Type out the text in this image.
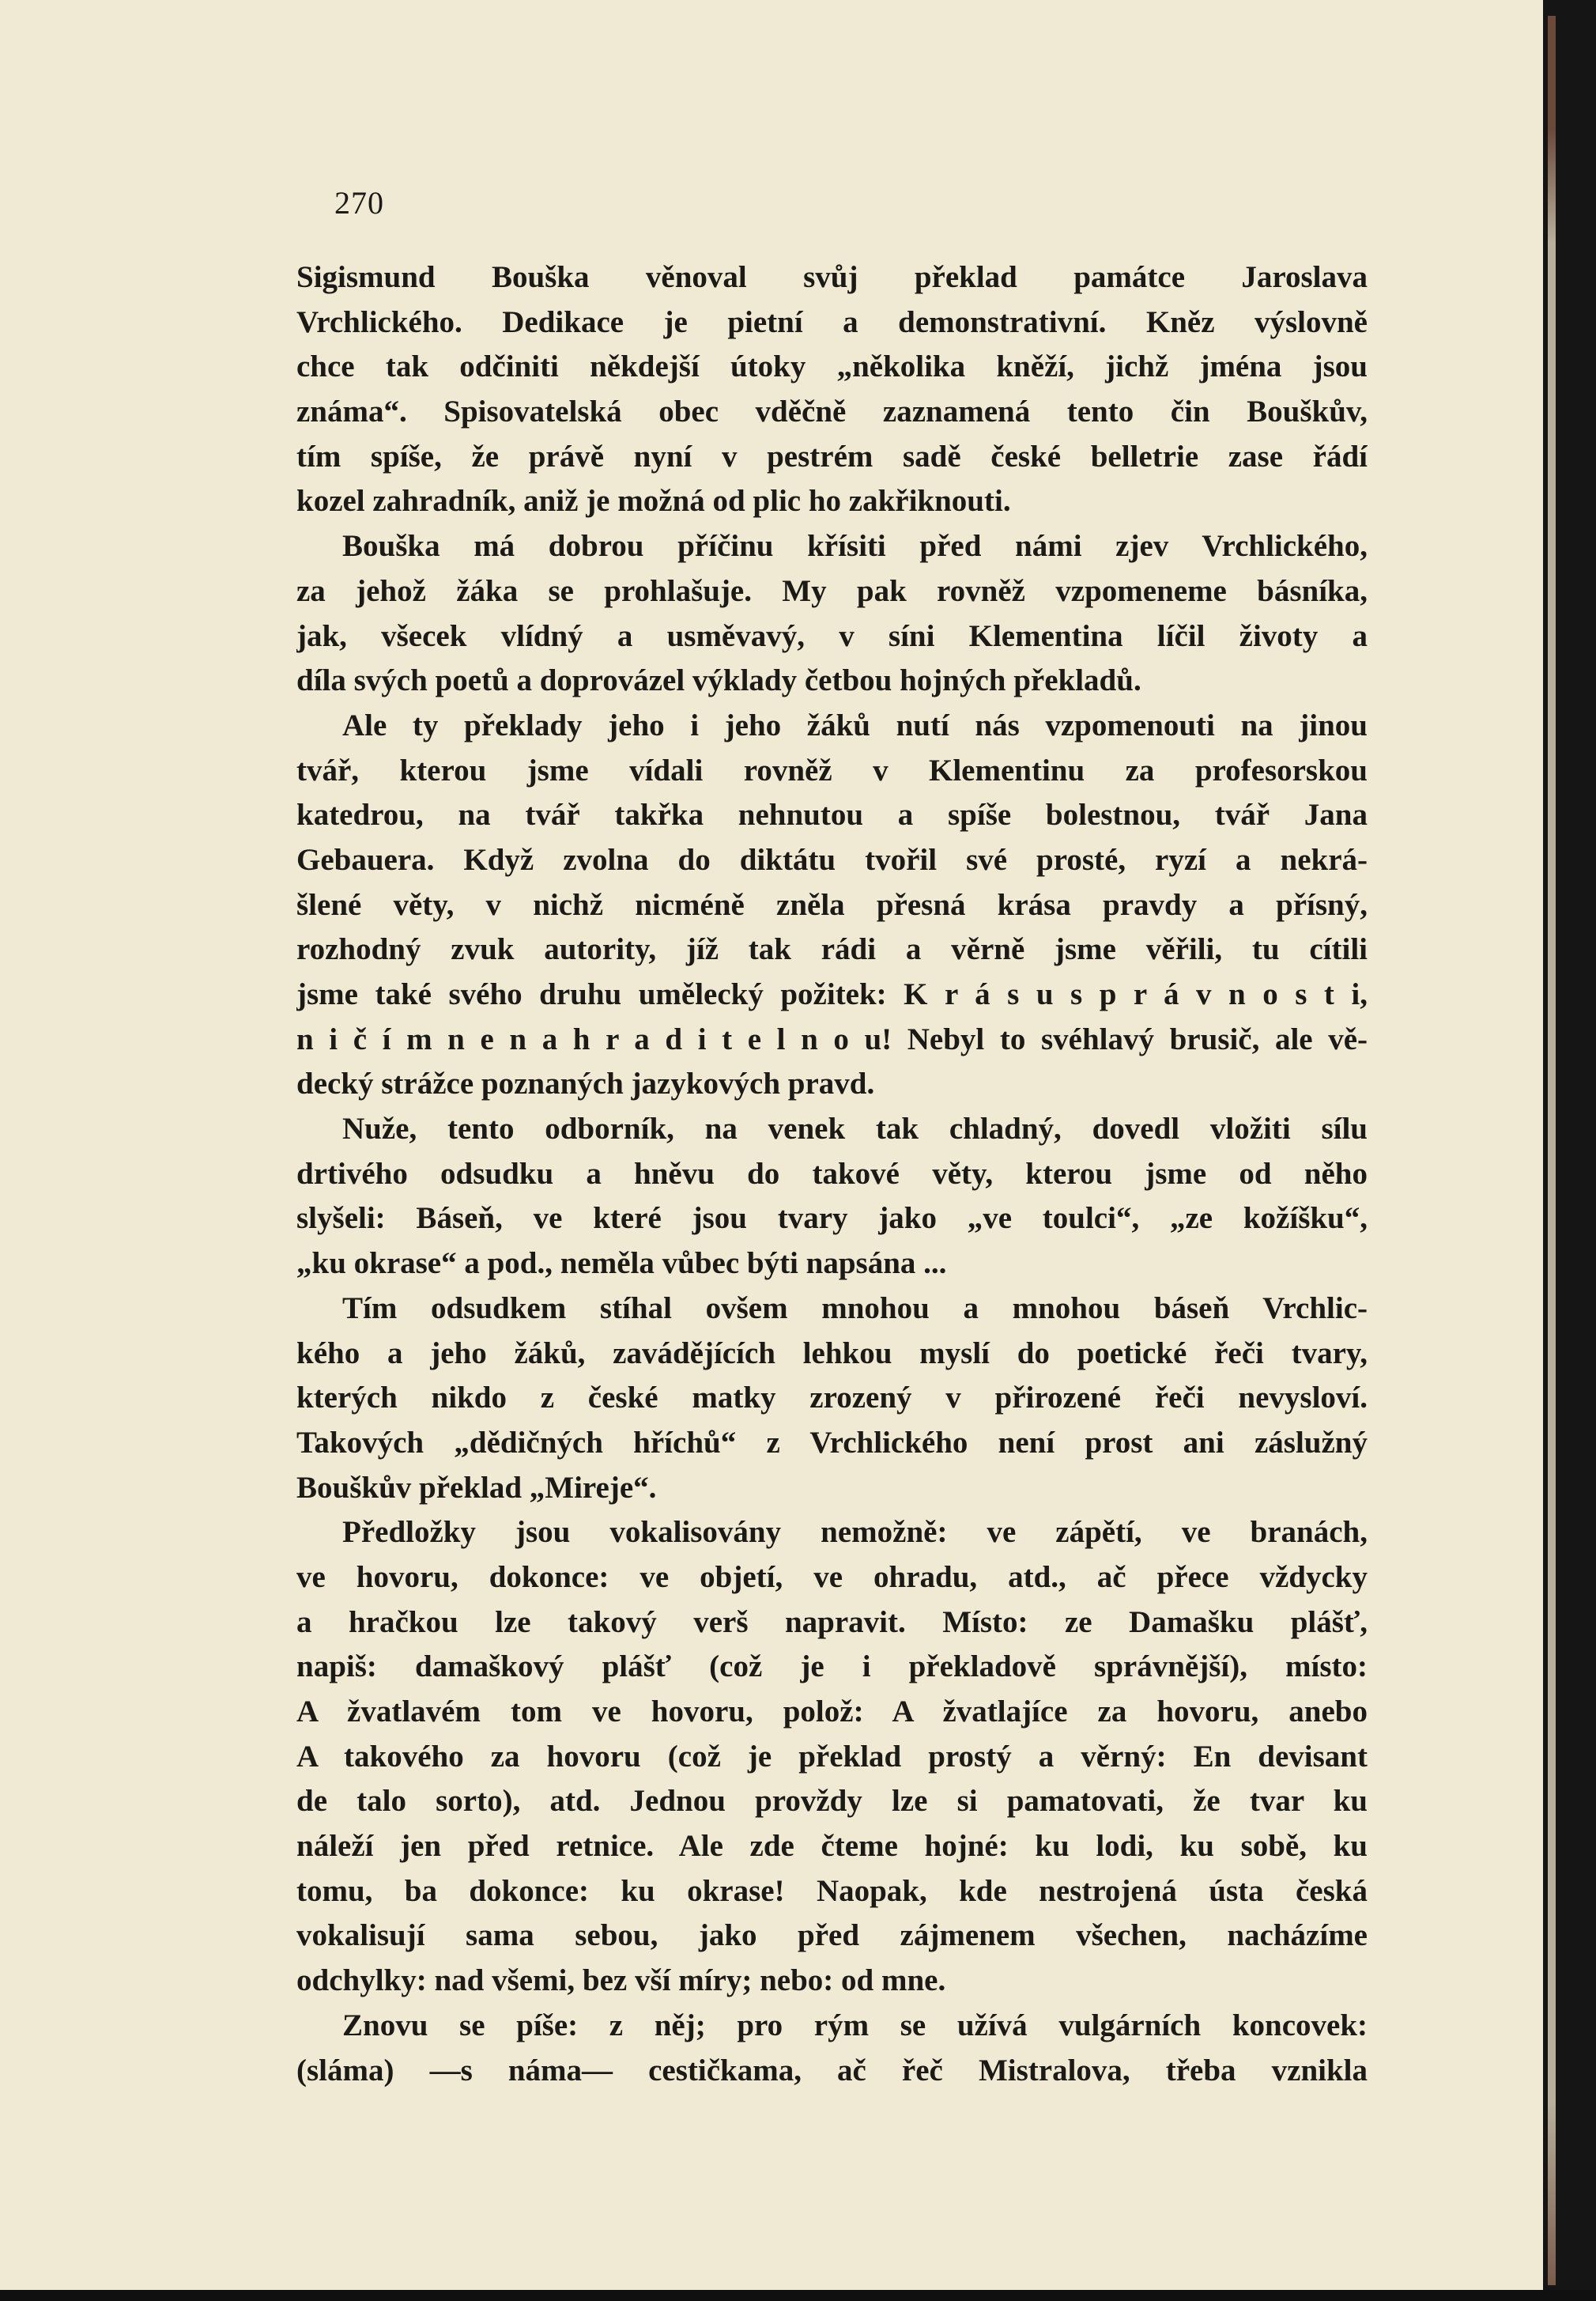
270
Sigismund Bouška věnoval svůj překlad památce Jaroslava
Vrchlického. Dedikace je pietní a demonstrativní. Kněz výslovně
chce tak odčiniti někdejší útoky „několika kněží, jichž jména jsou
známa“. Spisovatelská obec vděčně zaznamená tento čin Bouškův,
tím spíše, že právě nyní v pestrém sadě české belletrie zase řádí
kozel zahradník, aniž je možná od plic ho zakřiknouti.
Bouška má dobrou příčinu křísiti před námi zjev Vrchlického,
za jehož žáka se prohlašuje. My pak rovněž vzpomeneme básníka,
jak, všecek vlídný a usměvavý, v síni Klementina líčil životy a
díla svých poetů a doprovázel výklady četbou hojných překladů.
Ale ty překlady jeho i jeho žáků nutí nás vzpomenouti na jinou
tvář, kterou jsme vídali rovněž v Klementinu za profesorskou
katedrou, na tvář takřka nehnutou a spíše bolestnou, tvář Jana
Gebauera. Když zvolna do diktátu tvořil své prosté, ryzí a nekrá-
šlené věty, v nichž nicméně zněla přesná krása pravdy a přísný,
rozhodný zvuk autority, jíž tak rádi a věrně jsme věřili, tu cítili
jsme také svého druhu umělecký požitek: K r á s u s p r á v n o s t i,
n i č í m n e n a h r a d i t e l n o u! Nebyl to svéhlavý brusič, ale vě-
decký strážce poznaných jazykových pravd.
Nuže, tento odborník, na venek tak chladný, dovedl vložiti sílu
drtivého odsudku a hněvu do takové věty, kterou jsme od něho
slyšeli: Báseň, ve které jsou tvary jako „ve toulci“, „ze kožíšku“,
„ku okrase“ a pod., neměla vůbec býti napsána ...
Tím odsudkem stíhal ovšem mnohou a mnohou báseň Vrchlic-
kého a jeho žáků, zavádějících lehkou myslí do poetické řeči tvary,
kterých nikdo z české matky zrozený v přirozené řeči nevysloví.
Takových „dědičných hříchů“ z Vrchlického není prost ani záslužný
Bouškův překlad „Mireje“.
Předložky jsou vokalisovány nemožně: ve zápětí, ve branách,
ve hovoru, dokonce: ve objetí, ve ohradu, atd., ač přece vždycky
a hračkou lze takový verš napravit. Místo: ze Damašku plášť,
napiš: damaškový plášť (což je i překladově správnější), místo:
A žvatlavém tom ve hovoru, polož: A žvatlajíce za hovoru, anebo
A takového za hovoru (což je překlad prostý a věrný: En devisant
de talo sorto), atd. Jednou provždy lze si pamatovati, že tvar ku
náleží jen před retnice. Ale zde čteme hojné: ku lodi, ku sobě, ku
tomu, ba dokonce: ku okrase! Naopak, kde nestrojená ústa česká
vokalisují sama sebou, jako před zájmenem všechen, nacházíme
odchylky: nad všemi, bez vší míry; nebo: od mne.
Znovu se píše: z něj; pro rým se užívá vulgárních koncovek:
(sláma) —s náma— cestičkama, ač řeč Mistralova, třeba vznikla
